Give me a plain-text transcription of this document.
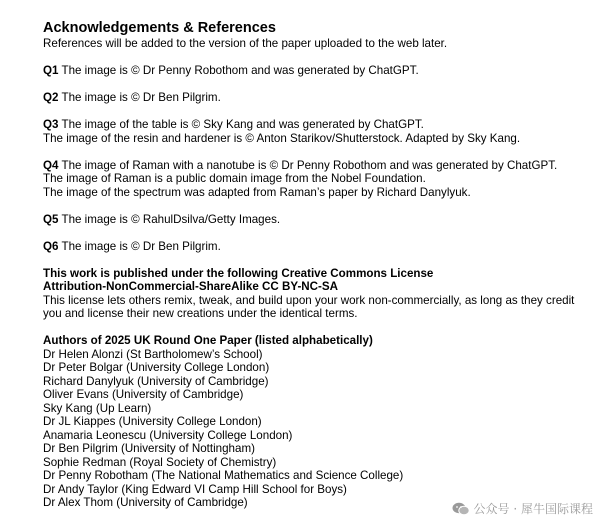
Acknowledgements & References

References will be added to the version of the paper uploaded to the web later.

Q1 The image is © Dr Penny Robothom and was generated by ChatGPT.

Q2 The image is © Dr Ben Pilgrim.

Q3 The image of the table is © Sky Kang and was generated by ChatGPT.

The image of the resin and hardener is © Anton Starikov/Shutterstock. Adapted by Sky Kang.

Q4 The image of Raman with a nanotube is © Dr Penny Robothom and was generated by ChatGPT.

The image of Raman is a public domain image from the Nobel Foundation.

The image of the spectrum was adapted from Raman’s paper by Richard Danylyuk.

Q5 The image is © RahulDsilva/Getty Images.

Q6 The image is © Dr Ben Pilgrim.

This work is published under the following Creative Commons License

Attribution-NonCommercial-ShareAlike CC BY-NC-SA

This license lets others remix, tweak, and build upon your work non-commercially, as long as they credit you and license their new creations under the identical terms.

Authors of 2025 UK Round One Paper (listed alphabetically)

Dr Helen Alonzi (St Bartholomew’s School)

Dr Peter Bolgar (University College London)

Richard Danylyuk (University of Cambridge)

Oliver Evans (University of Cambridge)

Sky Kang (Up Learn)

Dr JL Kiappes (University College London)

Anamaria Leonescu (University College London)

Dr Ben Pilgrim (University of Nottingham)

Sophie Redman (Royal Society of Chemistry)

Dr Penny Robotham (The National Mathematics and Science College)

Dr Andy Taylor (King Edward VI Camp Hill School for Boys)

Dr Alex Thom (University of Cambridge)	公众号 · 犀牛国际课程
